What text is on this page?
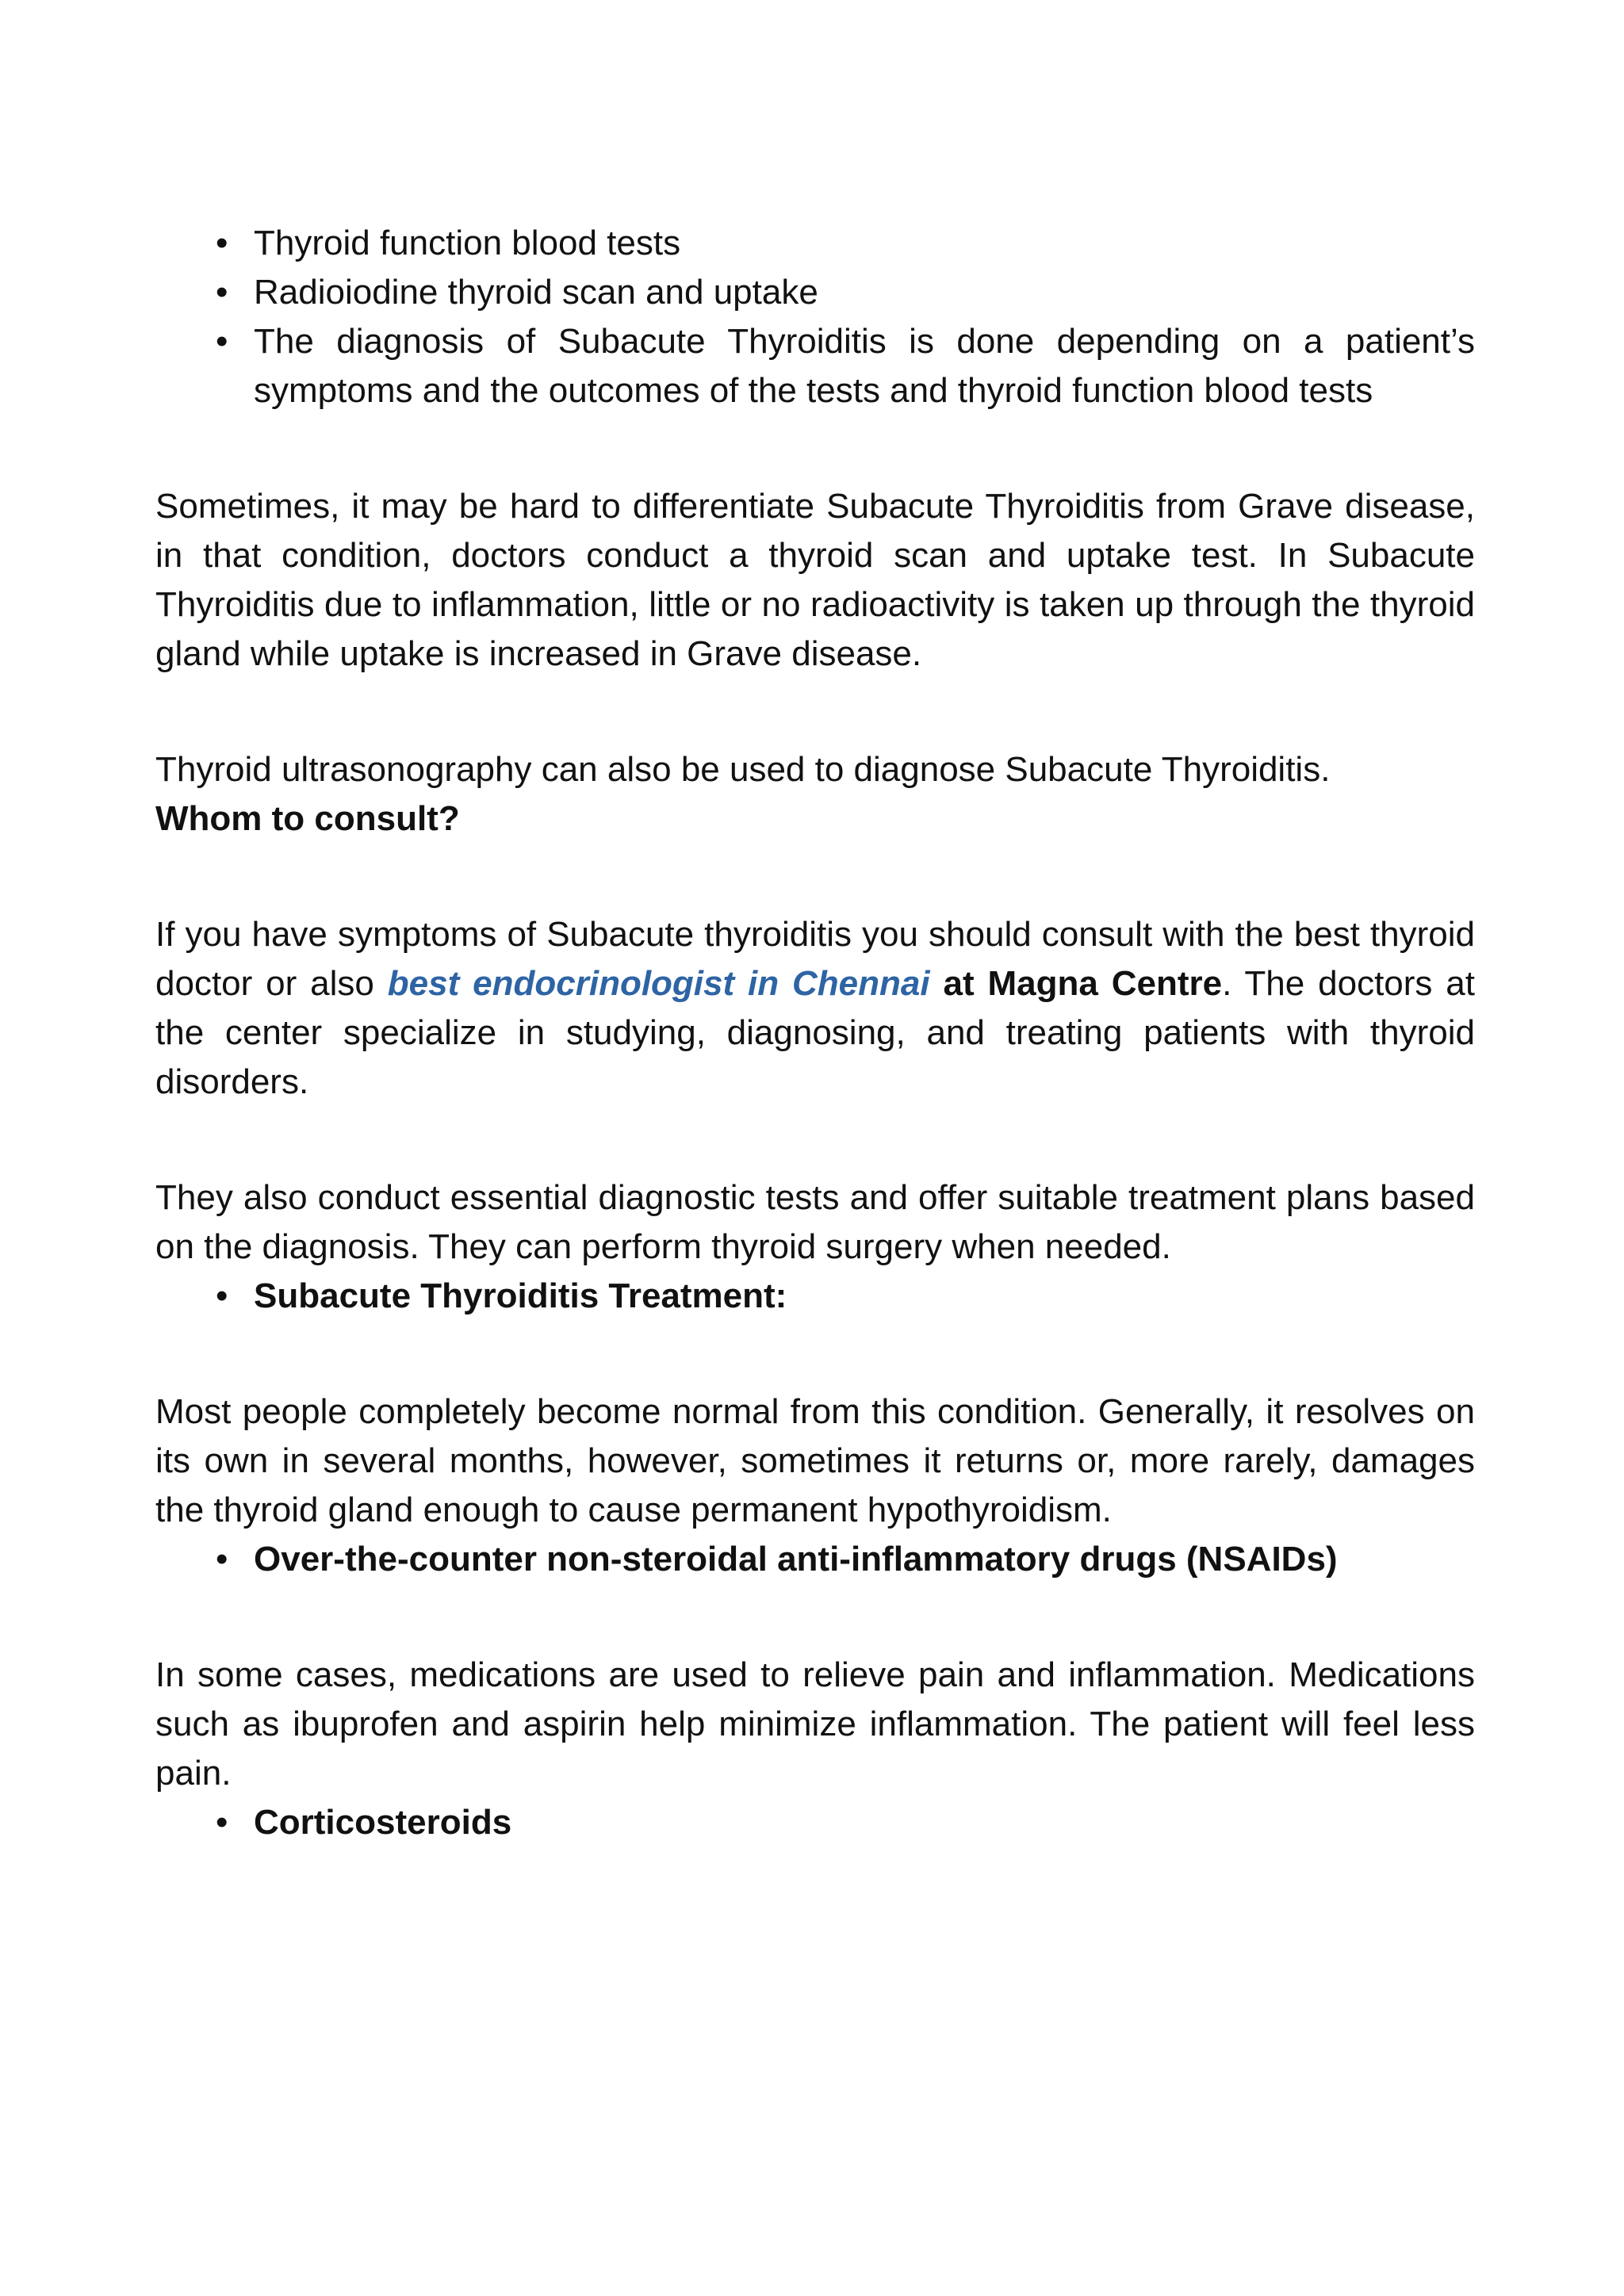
• Thyroid function blood tests
• Radioiodine thyroid scan and uptake
• The diagnosis of Subacute Thyroiditis is done depending on a patient’s symptoms and the outcomes of the tests and thyroid function blood tests

Sometimes, it may be hard to differentiate Subacute Thyroiditis from Grave disease, in that condition, doctors conduct a thyroid scan and uptake test. In Subacute Thyroiditis due to inflammation, little or no radioactivity is taken up through the thyroid gland while uptake is increased in Grave disease.

Thyroid ultrasonography can also be used to diagnose Subacute Thyroiditis.

Whom to consult?

If you have symptoms of Subacute thyroiditis you should consult with the best thyroid doctor or also best endocrinologist in Chennai at Magna Centre. The doctors at the center specialize in studying, diagnosing, and treating patients with thyroid disorders.

They also conduct essential diagnostic tests and offer suitable treatment plans based on the diagnosis. They can perform thyroid surgery when needed.

• Subacute Thyroiditis Treatment:

Most people completely become normal from this condition. Generally, it resolves on its own in several months, however, sometimes it returns or, more rarely, damages the thyroid gland enough to cause permanent hypothyroidism.

• Over-the-counter non-steroidal anti-inflammatory drugs (NSAIDs)

In some cases, medications are used to relieve pain and inflammation. Medications such as ibuprofen and aspirin help minimize inflammation. The patient will feel less pain.

• Corticosteroids
